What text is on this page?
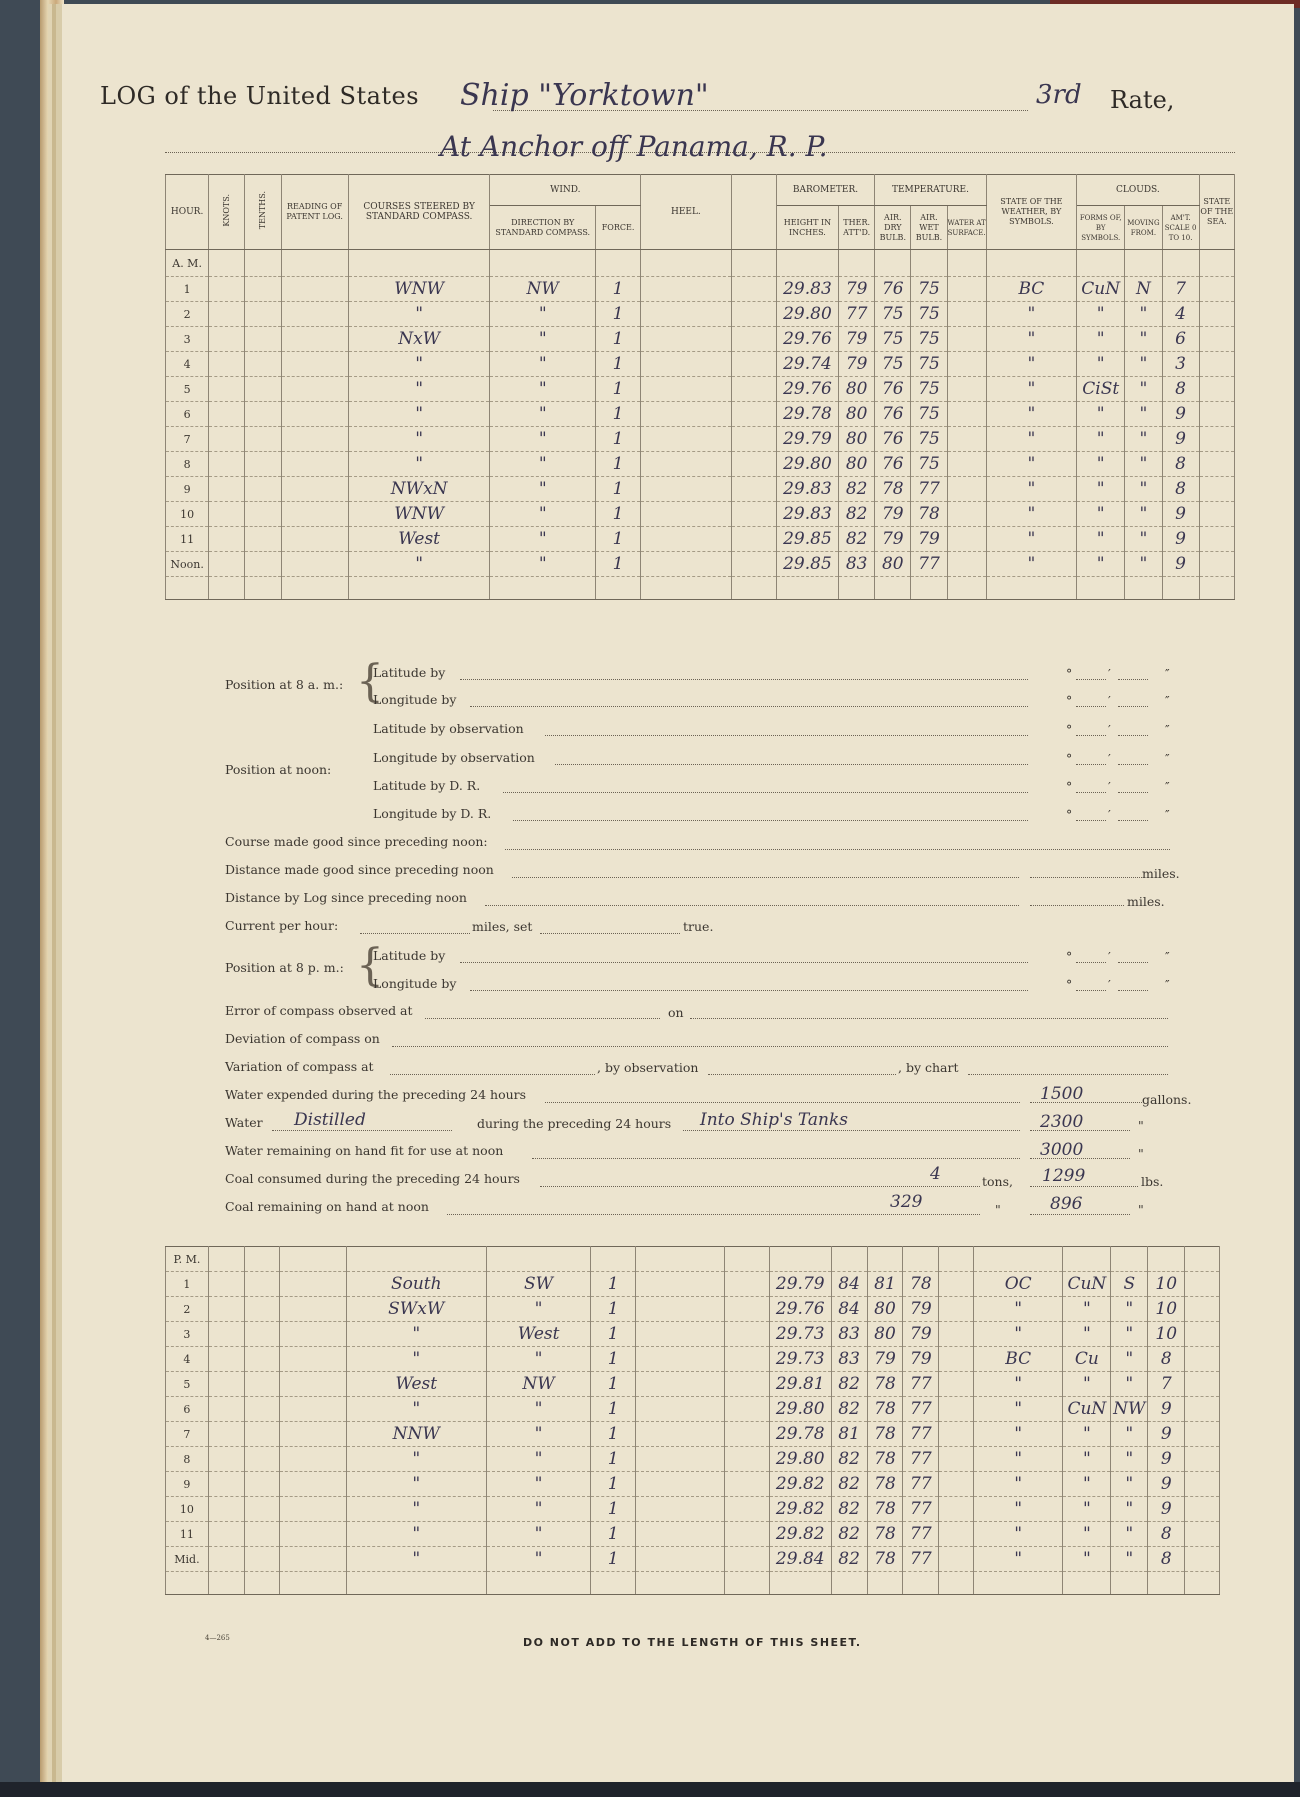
LOG of the United States Ship "Yorktown"	3rd Rate,
At Anchor off Panama, R. P.
HOUR.	KNOTS.	TENTHS.	READING OF PATENT LOG.	COURSES STEERED BY STANDARD COMPASS.	WIND.		HEEL.		BAROMETER.		TEMPERATURE.			STATE OF THE WEATHER, BY SYMBOLS.	CLOUDS.			STATE OF THE SEA.
					DIRECTION BY STANDARD COMPASS.	FORCE.			HEIGHT IN INCHES.	THER. ATT'D.	AIR. DRY BULB.	AIR. WET BULB.	WATER AT SURFACE.		FORMS OF, BY SYMBOLS.	MOVING FROM.	AM'T. SCALE 0 TO 10.	
A. M.																		
1				WNW	NW	1			29.83	79	76	75		BC	CuN	N	7	
2				"	"	1			29.80	77	75	75		"	"	"	4	
3				NxW	"	1			29.76	79	75	75		"	"	"	6	
4				"	"	1			29.74	79	75	75		"	"	"	3	
5				"	"	1			29.76	80	76	75		"	CiSt	"	8	
6				"	"	1			29.78	80	76	75		"	"	"	9	
7				"	"	1			29.79	80	76	75		"	"	"	9	
8				"	"	1			29.80	80	76	75		"	"	"	8	
9				NWxN	"	1			29.83	82	78	77		"	"	"	8	
10				WNW	"	1			29.83	82	79	78		"	"	"	9	
11				West	"	1			29.85	82	79	79		"	"	"	9	
Noon.				"	"	1			29.85	83	80	77		"	"	"	9	

Position at 8 a. m.: {
Latitude by
Longitude by
Position at noon:
Latitude by observation
Longitude by observation
Latitude by D. R.
Longitude by D. R.
Position at 8 p. m.: {
Latitude by
Longitude by
°	′	″
°	′	″
°	′	″
°	′	″
°	′	″
°	′	″
°	′	″
°	′	″
Course made good since preceding noon:
Distance made good since preceding noon	miles.
Distance by Log since preceding noon	miles.
Current per hour:	miles, set	true.
Error of compass observed at	on
Deviation of compass on
Variation of compass at	, by observation	, by chart
Water expended during the preceding 24 hours	1500	gallons.
Water Distilled	during the preceding 24 hours Into Ship's Tanks	2300	"
Water remaining on hand fit for use at noon	3000	"
Coal consumed during the preceding 24 hours	4	tons, 1299	lbs.
Coal remaining on hand at noon	329	"	896	"
P. M.																		
1				South	SW	1			29.79	84	81	78		OC	CuN	S	10	
2				SWxW	"	1			29.76	84	80	79		"	"	"	10	
3				"	West	1			29.73	83	80	79		"	"	"	10	
4				"	"	1			29.73	83	79	79		BC	Cu	"	8	
5				West	NW	1			29.81	82	78	77		"	"	"	7	
6				"	"	1			29.80	82	78	77		"	CuN	NW	9	
7				NNW	"	1			29.78	81	78	77		"	"	"	9	
8				"	"	1			29.80	82	78	77		"	"	"	9	
9				"	"	1			29.82	82	78	77		"	"	"	9	
10				"	"	1			29.82	82	78	77		"	"	"	9	
11				"	"	1			29.82	82	78	77		"	"	"	8	
Mid.				"	"	1			29.84	82	78	77		"	"	"	8	

4—265	DO NOT ADD TO THE LENGTH OF THIS SHEET.
